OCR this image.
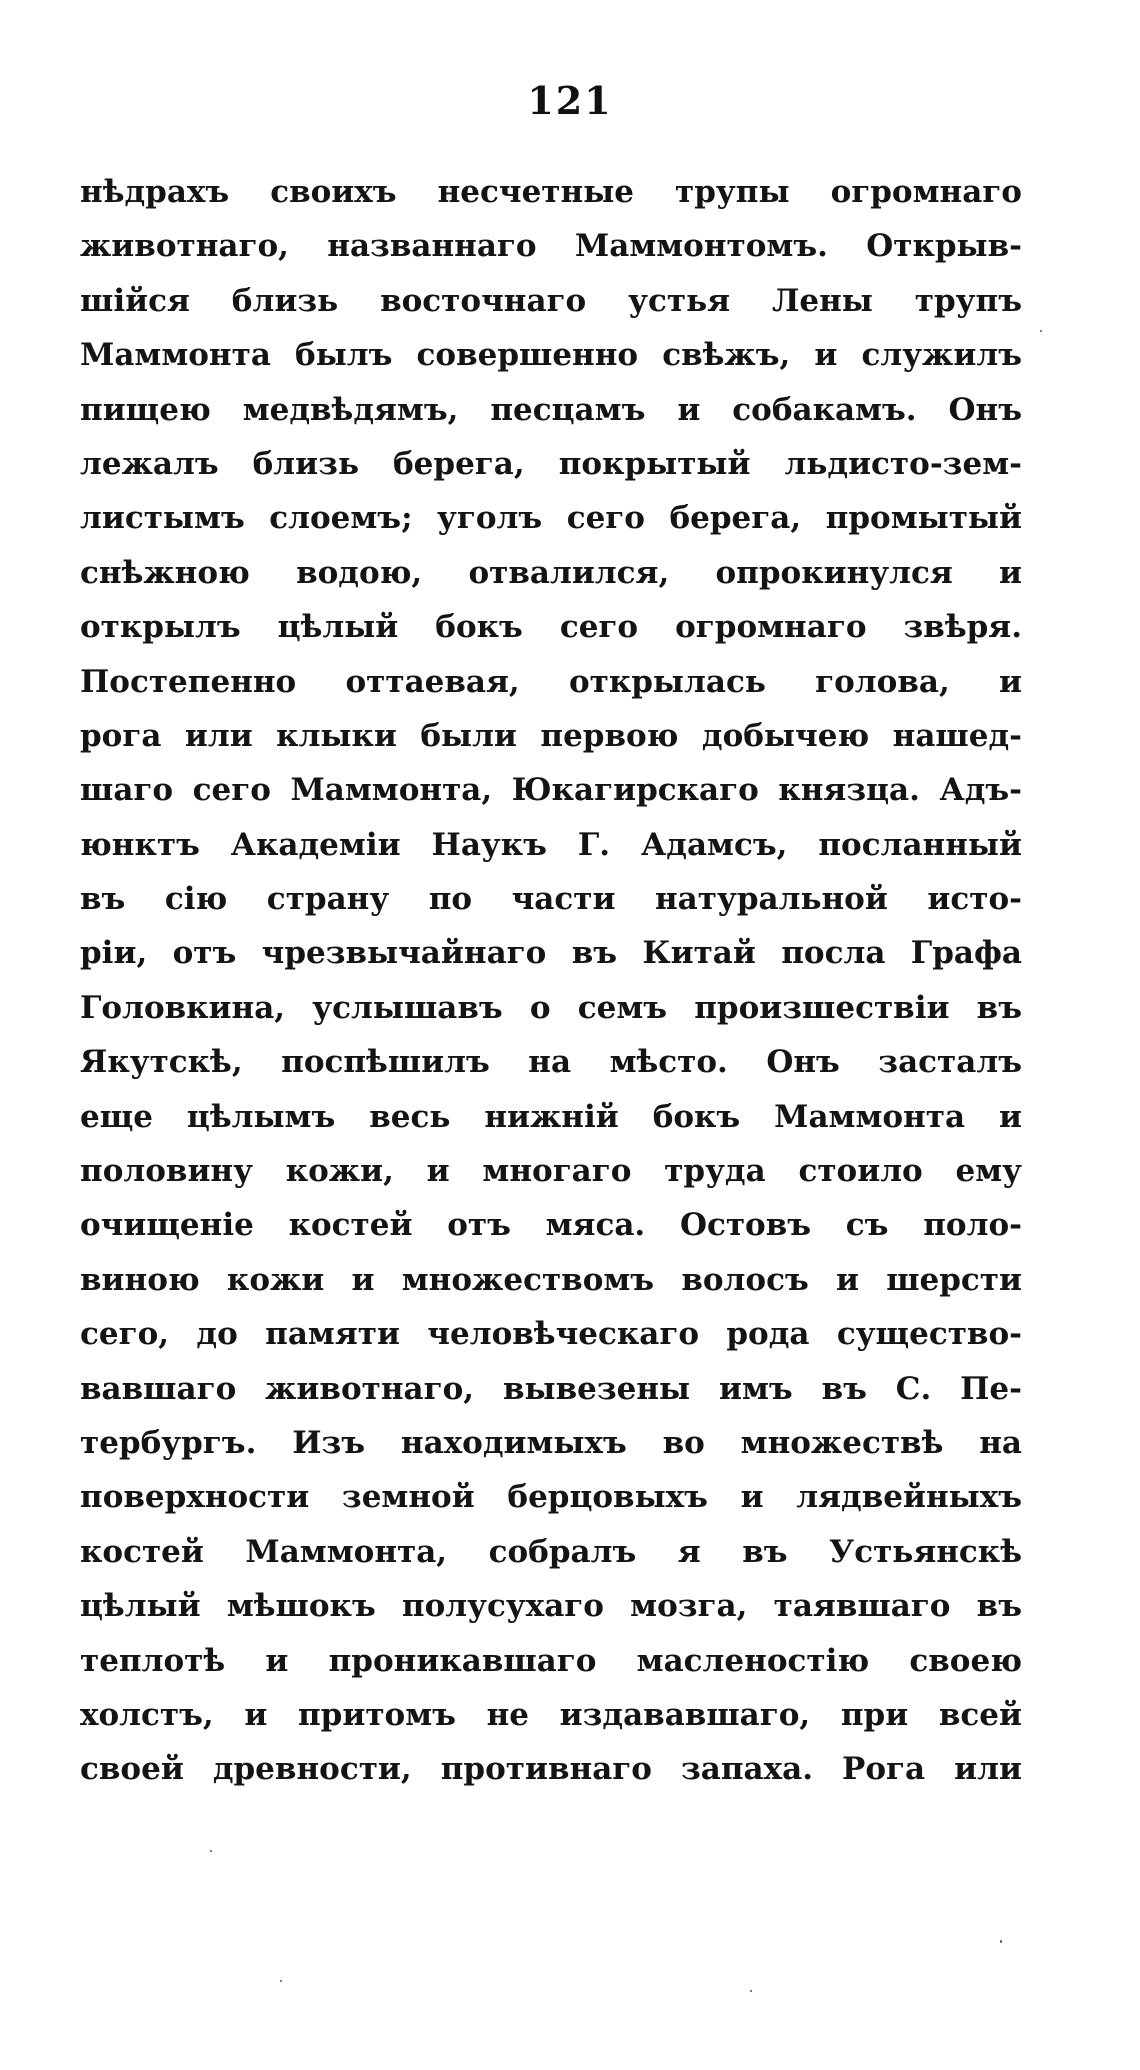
121
нѣдрахъ своихъ несчетные трупы огромнаго
животнаго, названнаго Маммонтомъ. Открыв-
шійся близь восточнаго устья Лены трупъ
Маммонта былъ совершенно свѣжъ, и служилъ
пищею медвѣдямъ, песцамъ и собакамъ. Онъ
лежалъ близь берега, покрытый льдисто-зем-
листымъ слоемъ; уголъ сего берега, промытый
снѣжною водою, отвалился, опрокинулся и
открылъ цѣлый бокъ сего огромнаго звѣря.
Постепенно оттаевая, открылась голова, и
рога или клыки были первою добычею нашед-
шаго сего Маммонта, Юкагирскаго князца. Адъ-
юнктъ Академіи Наукъ Г. Адамсъ, посланный
въ сію страну по части натуральной исто-
ріи, отъ чрезвычайнаго въ Китай посла Графа
Головкина, услышавъ о семъ произшествіи въ
Якутскѣ, поспѣшилъ на мѣсто. Онъ засталъ
еще цѣлымъ весь нижній бокъ Маммонта и
половину кожи, и многаго труда стоило ему
очищеніе костей отъ мяса. Остовъ съ поло-
виною кожи и множествомъ волосъ и шерсти
сего, до памяти человѣческаго рода существо-
вавшаго животнаго, вывезены имъ въ С. Пе-
тербургъ. Изъ находимыхъ во множествѣ на
поверхности земной берцовыхъ и лядвейныхъ
костей Маммонта, собралъ я въ Устьянскѣ
цѣлый мѣшокъ полусухаго мозга, таявшаго въ
теплотѣ и проникавшаго масленостію своею
холстъ, и притомъ не издававшаго, при всей
своей древности, противнаго запаха. Рога или
